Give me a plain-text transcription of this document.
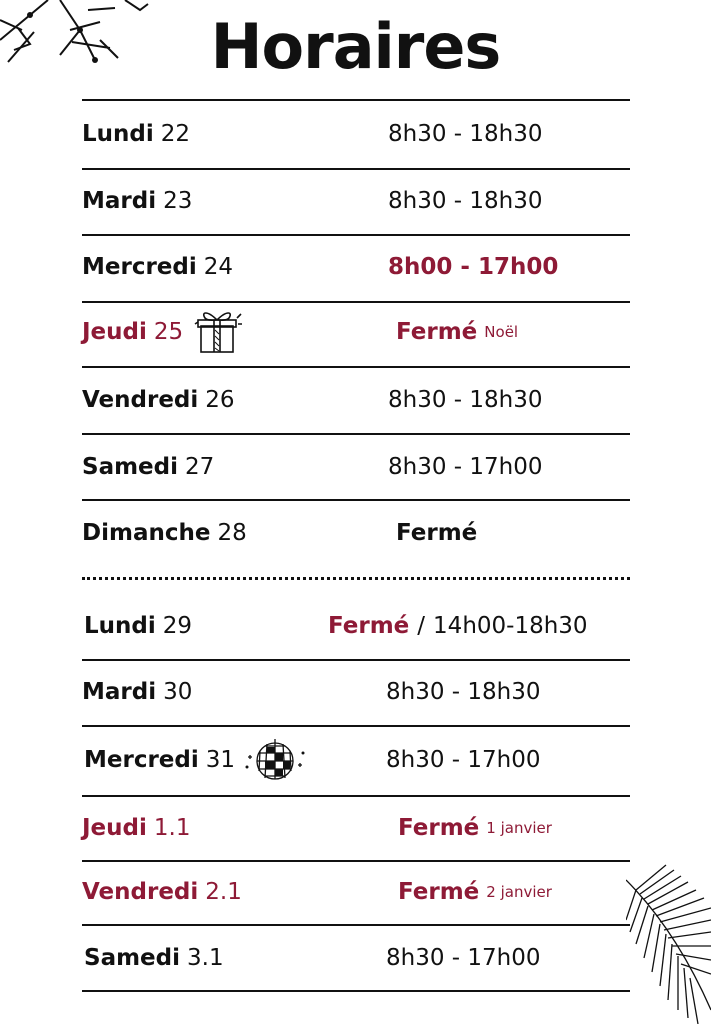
Horaires
Lundi 22	8h30 - 18h30
Mardi 23	8h30 - 18h30
Mercredi 24	8h00 - 17h00
Jeudi 25	Fermé Noël
Vendredi 26	8h30 - 18h30
Samedi 27	8h30 - 17h00
Dimanche 28	Fermé
Lundi 29	Fermé / 14h00-18h30
Mardi 30	8h30 - 18h30
Mercredi 31	8h30 - 17h00
Jeudi 1.1	Fermé 1 janvier
Vendredi 2.1	Fermé 2 janvier
Samedi 3.1	8h30 - 17h00
